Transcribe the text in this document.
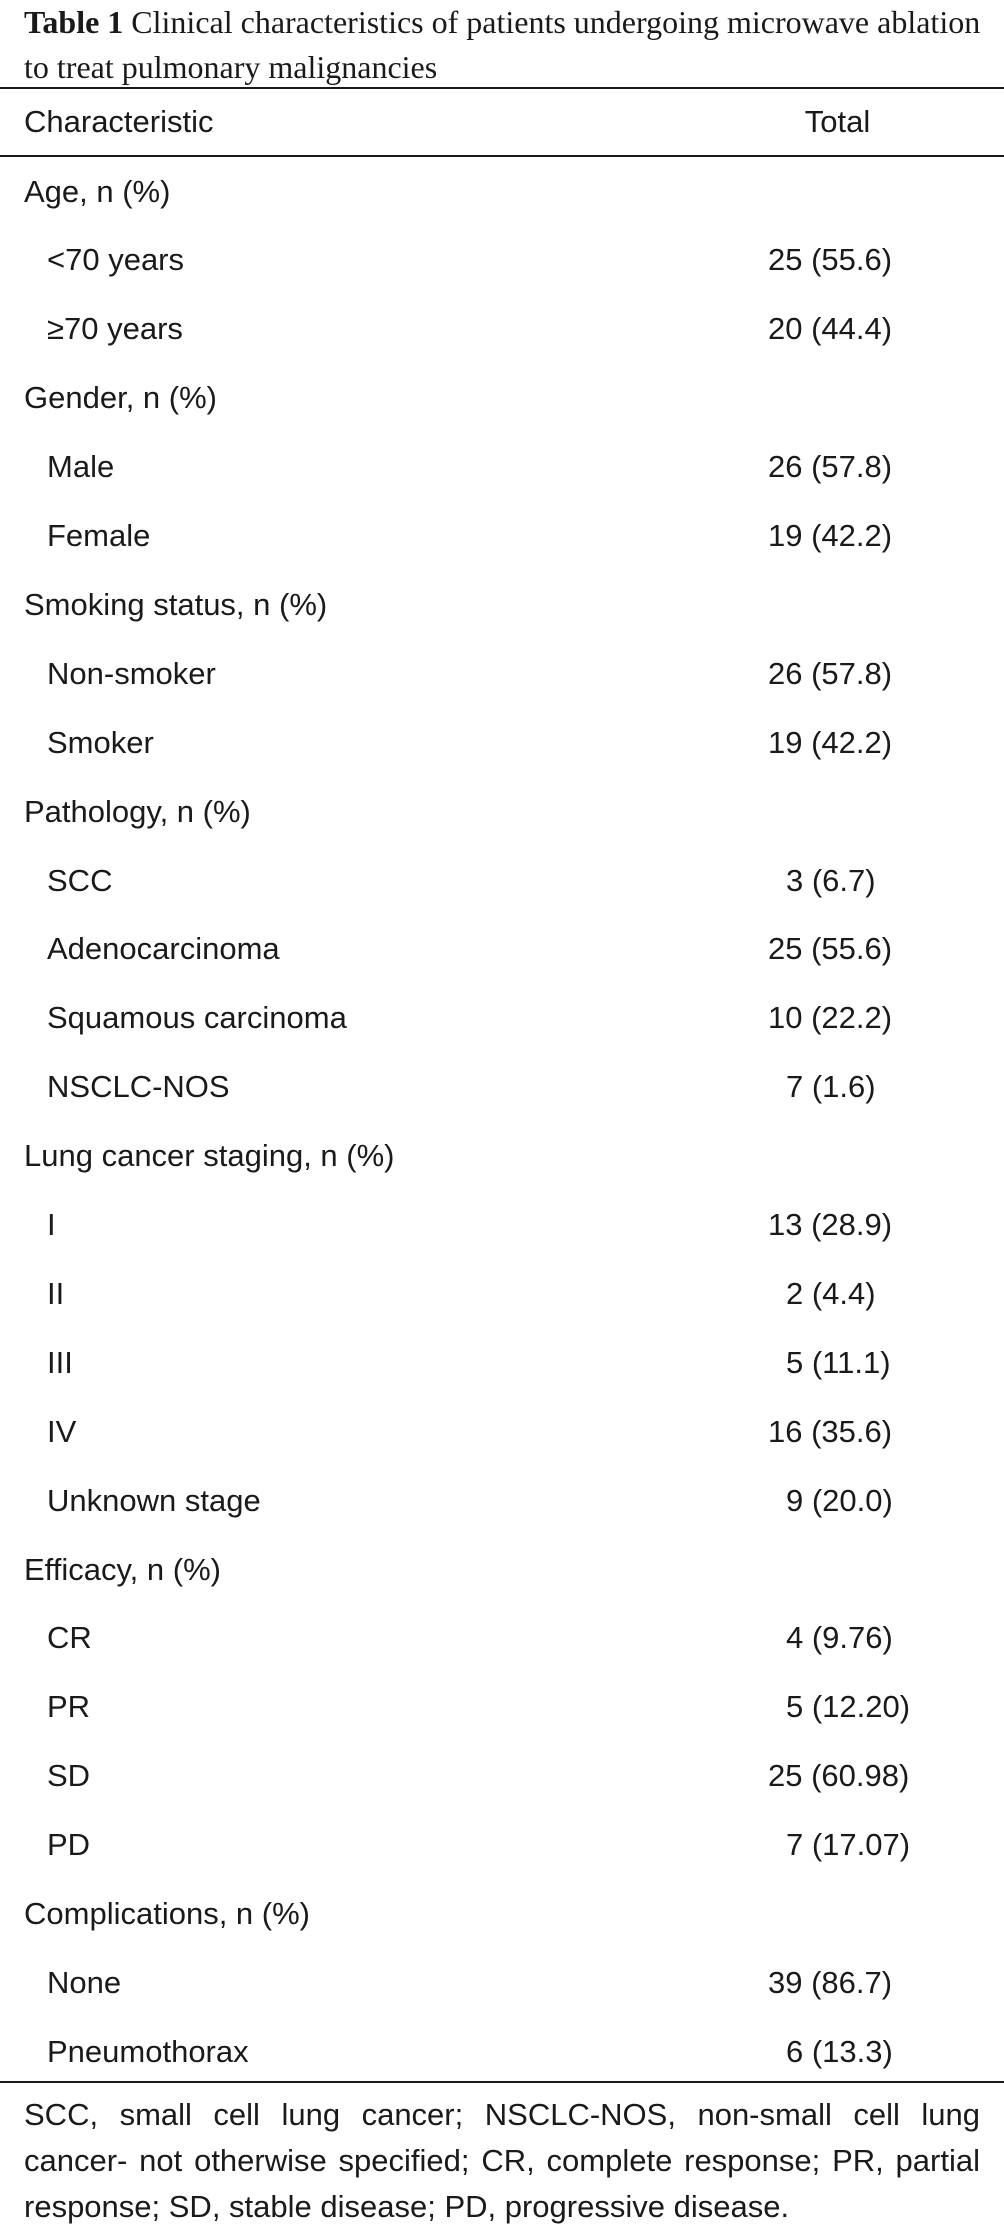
Table 1 Clinical characteristics of patients undergoing microwave ablation to treat pulmonary malignancies
Characteristic	Total
Age, n (%)
<70 years	25 (55.6)
≥70 years	20 (44.4)
Gender, n (%)
Male	26 (57.8)
Female	19 (42.2)
Smoking status, n (%)
Non-smoker	26 (57.8)
Smoker	19 (42.2)
Pathology, n (%)
SCC	3 (6.7)
Adenocarcinoma	25 (55.6)
Squamous carcinoma	10 (22.2)
NSCLC-NOS	7 (1.6)
Lung cancer staging, n (%)
I	13 (28.9)
II	2 (4.4)
III	5 (11.1)
IV	16 (35.6)
Unknown stage	9 (20.0)
Efficacy, n (%)
CR	4 (9.76)
PR	5 (12.20)
SD	25 (60.98)
PD	7 (17.07)
Complications, n (%)
None	39 (86.7)
Pneumothorax	6 (13.3)
SCC, small cell lung cancer; NSCLC-NOS, non-small cell lung cancer- not otherwise specified; CR, complete response; PR, partial response; SD, stable disease; PD, progressive disease.
